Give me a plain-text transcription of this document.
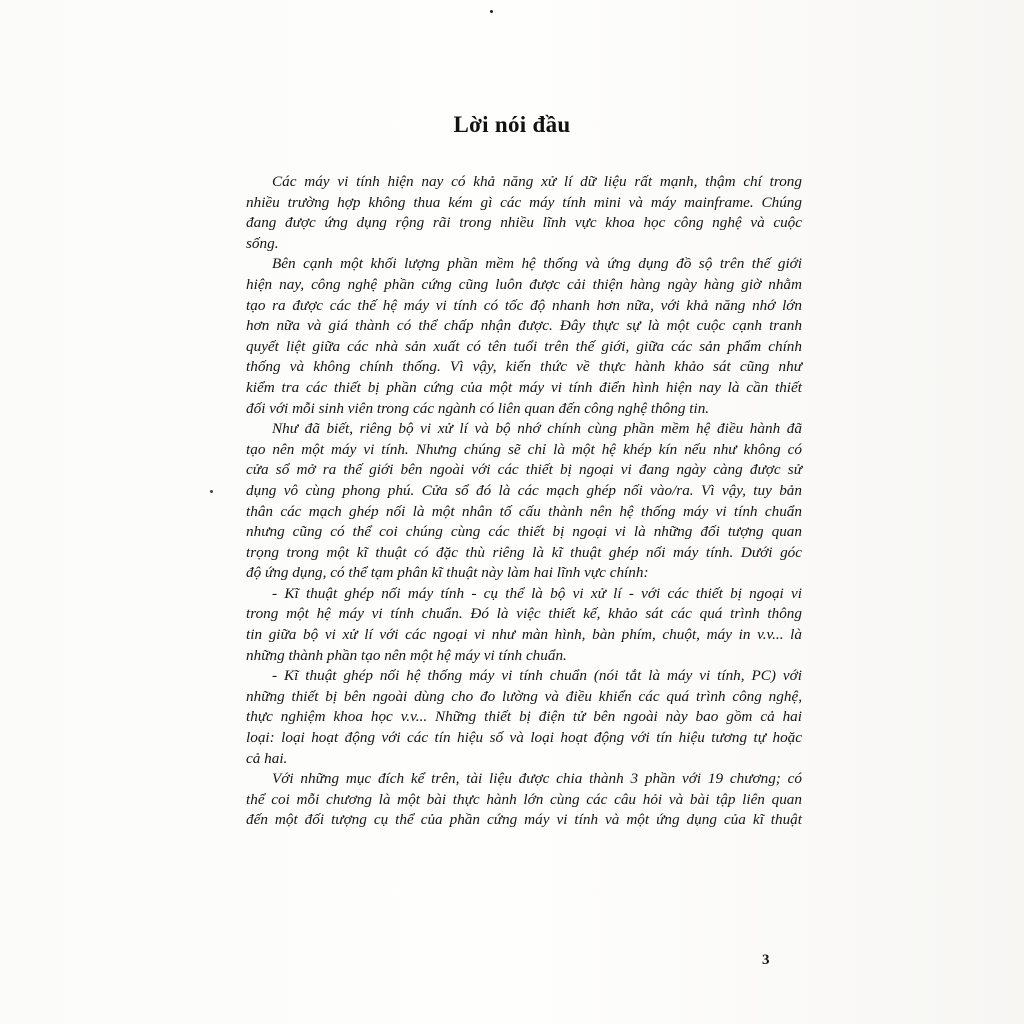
Lời nói đầu

Các máy vi tính hiện nay có khả năng xử lí dữ liệu rất mạnh, thậm chí trong
nhiều trường hợp không thua kém gì các máy tính mini và máy mainframe. Chúng
đang được ứng dụng rộng rãi trong nhiều lĩnh vực khoa học công nghệ và cuộc
sống.

Bên cạnh một khối lượng phần mềm hệ thống và ứng dụng đồ sộ trên thế giới
hiện nay, công nghệ phần cứng cũng luôn được cải thiện hàng ngày hàng giờ nhằm
tạo ra được các thế hệ máy vi tính có tốc độ nhanh hơn nữa, với khả năng nhớ lớn
hơn nữa và giá thành có thể chấp nhận được. Đây thực sự là một cuộc cạnh tranh
quyết liệt giữa các nhà sản xuất có tên tuổi trên thế giới, giữa các sản phẩm chính
thống và không chính thống. Vì vậy, kiến thức về thực hành khảo sát cũng như
kiểm tra các thiết bị phần cứng của một máy vi tính điển hình hiện nay là cần thiết
đối với mỗi sinh viên trong các ngành có liên quan đến công nghệ thông tin.

Như đã biết, riêng bộ vi xử lí và bộ nhớ chính cùng phần mềm hệ điều hành đã
tạo nên một máy vi tính. Nhưng chúng sẽ chỉ là một hệ khép kín nếu như không có
cửa sổ mở ra thế giới bên ngoài với các thiết bị ngoại vi đang ngày càng được sử
dụng vô cùng phong phú. Cửa sổ đó là các mạch ghép nối vào/ra. Vì vậy, tuy bản
thân các mạch ghép nối là một nhân tố cấu thành nên hệ thống máy vi tính chuẩn
nhưng cũng có thể coi chúng cùng các thiết bị ngoại vi là những đối tượng quan
trọng trong một kĩ thuật có đặc thù riêng là kĩ thuật ghép nối máy tính. Dưới góc
độ ứng dụng, có thể tạm phân kĩ thuật này làm hai lĩnh vực chính:

- Kĩ thuật ghép nối máy tính - cụ thể là bộ vi xử lí - với các thiết bị ngoại vi
trong một hệ máy vi tính chuẩn. Đó là việc thiết kế, khảo sát các quá trình thông
tin giữa bộ vi xử lí với các ngoại vi như màn hình, bàn phím, chuột, máy in v.v... là
những thành phần tạo nên một hệ máy vi tính chuẩn.

- Kĩ thuật ghép nối hệ thống máy vi tính chuẩn (nói tắt là máy vi tính, PC) với
những thiết bị bên ngoài dùng cho đo lường và điều khiển các quá trình công nghệ,
thực nghiệm khoa học v.v... Những thiết bị điện tử bên ngoài này bao gồm cả hai
loại: loại hoạt động với các tín hiệu số và loại hoạt động với tín hiệu tương tự hoặc
cả hai.

Với những mục đích kể trên, tài liệu được chia thành 3 phần với 19 chương; có
thể coi mỗi chương là một bài thực hành lớn cùng các câu hỏi và bài tập liên quan
đến một đối tượng cụ thể của phần cứng máy vi tính và một ứng dụng của kĩ thuật

3
